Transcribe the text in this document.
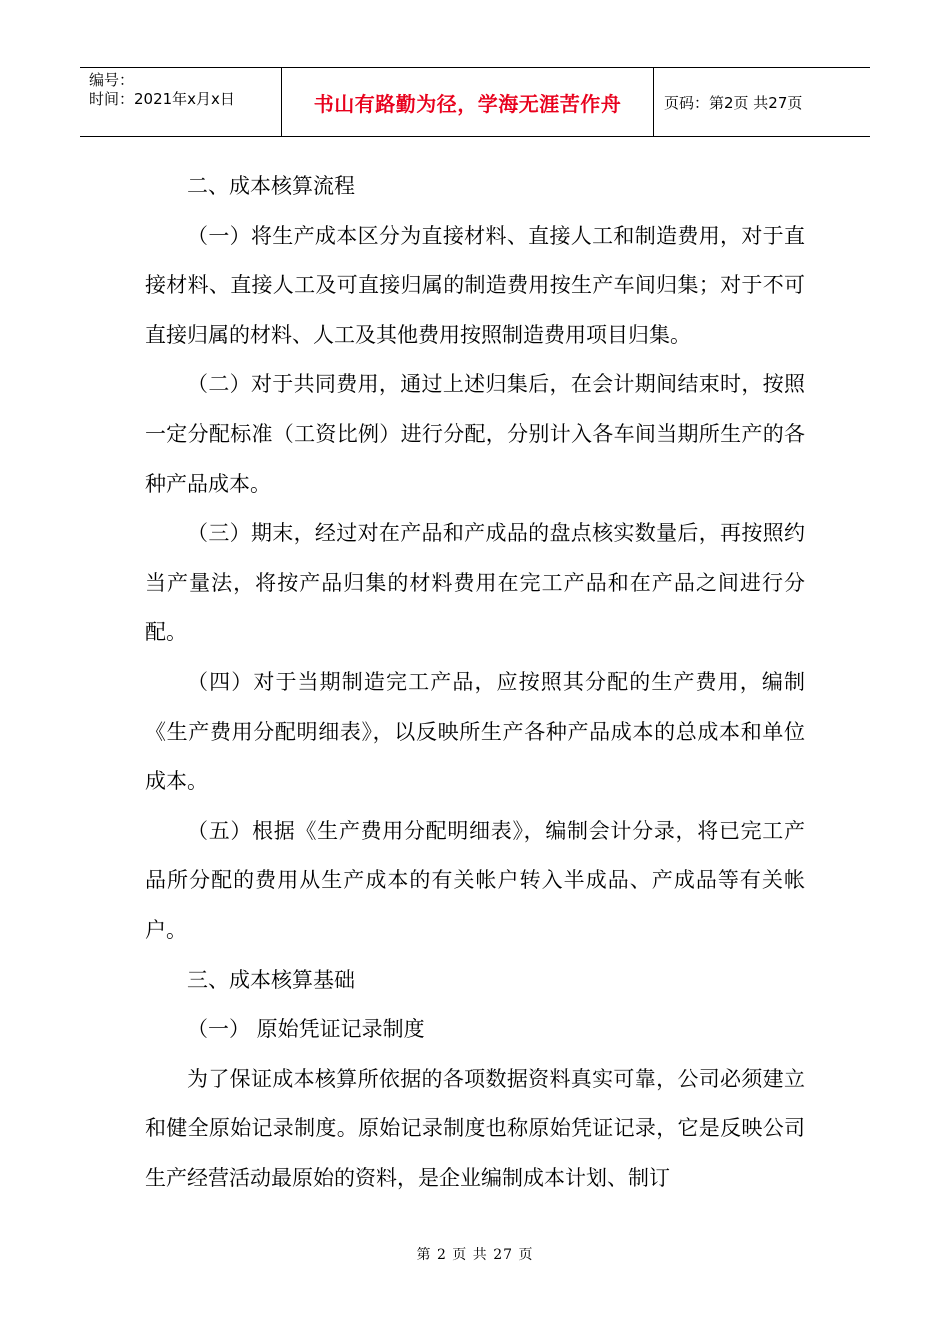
编号：
时间：2021年x月x日	书山有路勤为径，学海无涯苦作舟	页码：第2页 共27页

二、成本核算流程

（一）将生产成本区分为直接材料、直接人工和制造费用，对于直接材料、直接人工及可直接归属的制造费用按生产车间归集；对于不可直接归属的材料、人工及其他费用按照制造费用项目归集。

（二）对于共同费用，通过上述归集后，在会计期间结束时，按照一定分配标准（工资比例）进行分配，分别计入各车间当期所生产的各种产品成本。

（三）期末，经过对在产品和产成品的盘点核实数量后，再按照约当产量法，将按产品归集的材料费用在完工产品和在产品之间进行分配。

（四）对于当期制造完工产品，应按照其分配的生产费用，编制《生产费用分配明细表》，以反映所生产各种产品成本的总成本和单位成本。

（五）根据《生产费用分配明细表》，编制会计分录，将已完工产品所分配的费用从生产成本的有关帐户转入半成品、产成品等有关帐户。

三、成本核算基础

（一） 原始凭证记录制度

为了保证成本核算所依据的各项数据资料真实可靠，公司必须建立和健全原始记录制度。原始记录制度也称原始凭证记录，它是反映公司生产经营活动最原始的资料，是企业编制成本计划、制订

第 2 页 共 27 页
